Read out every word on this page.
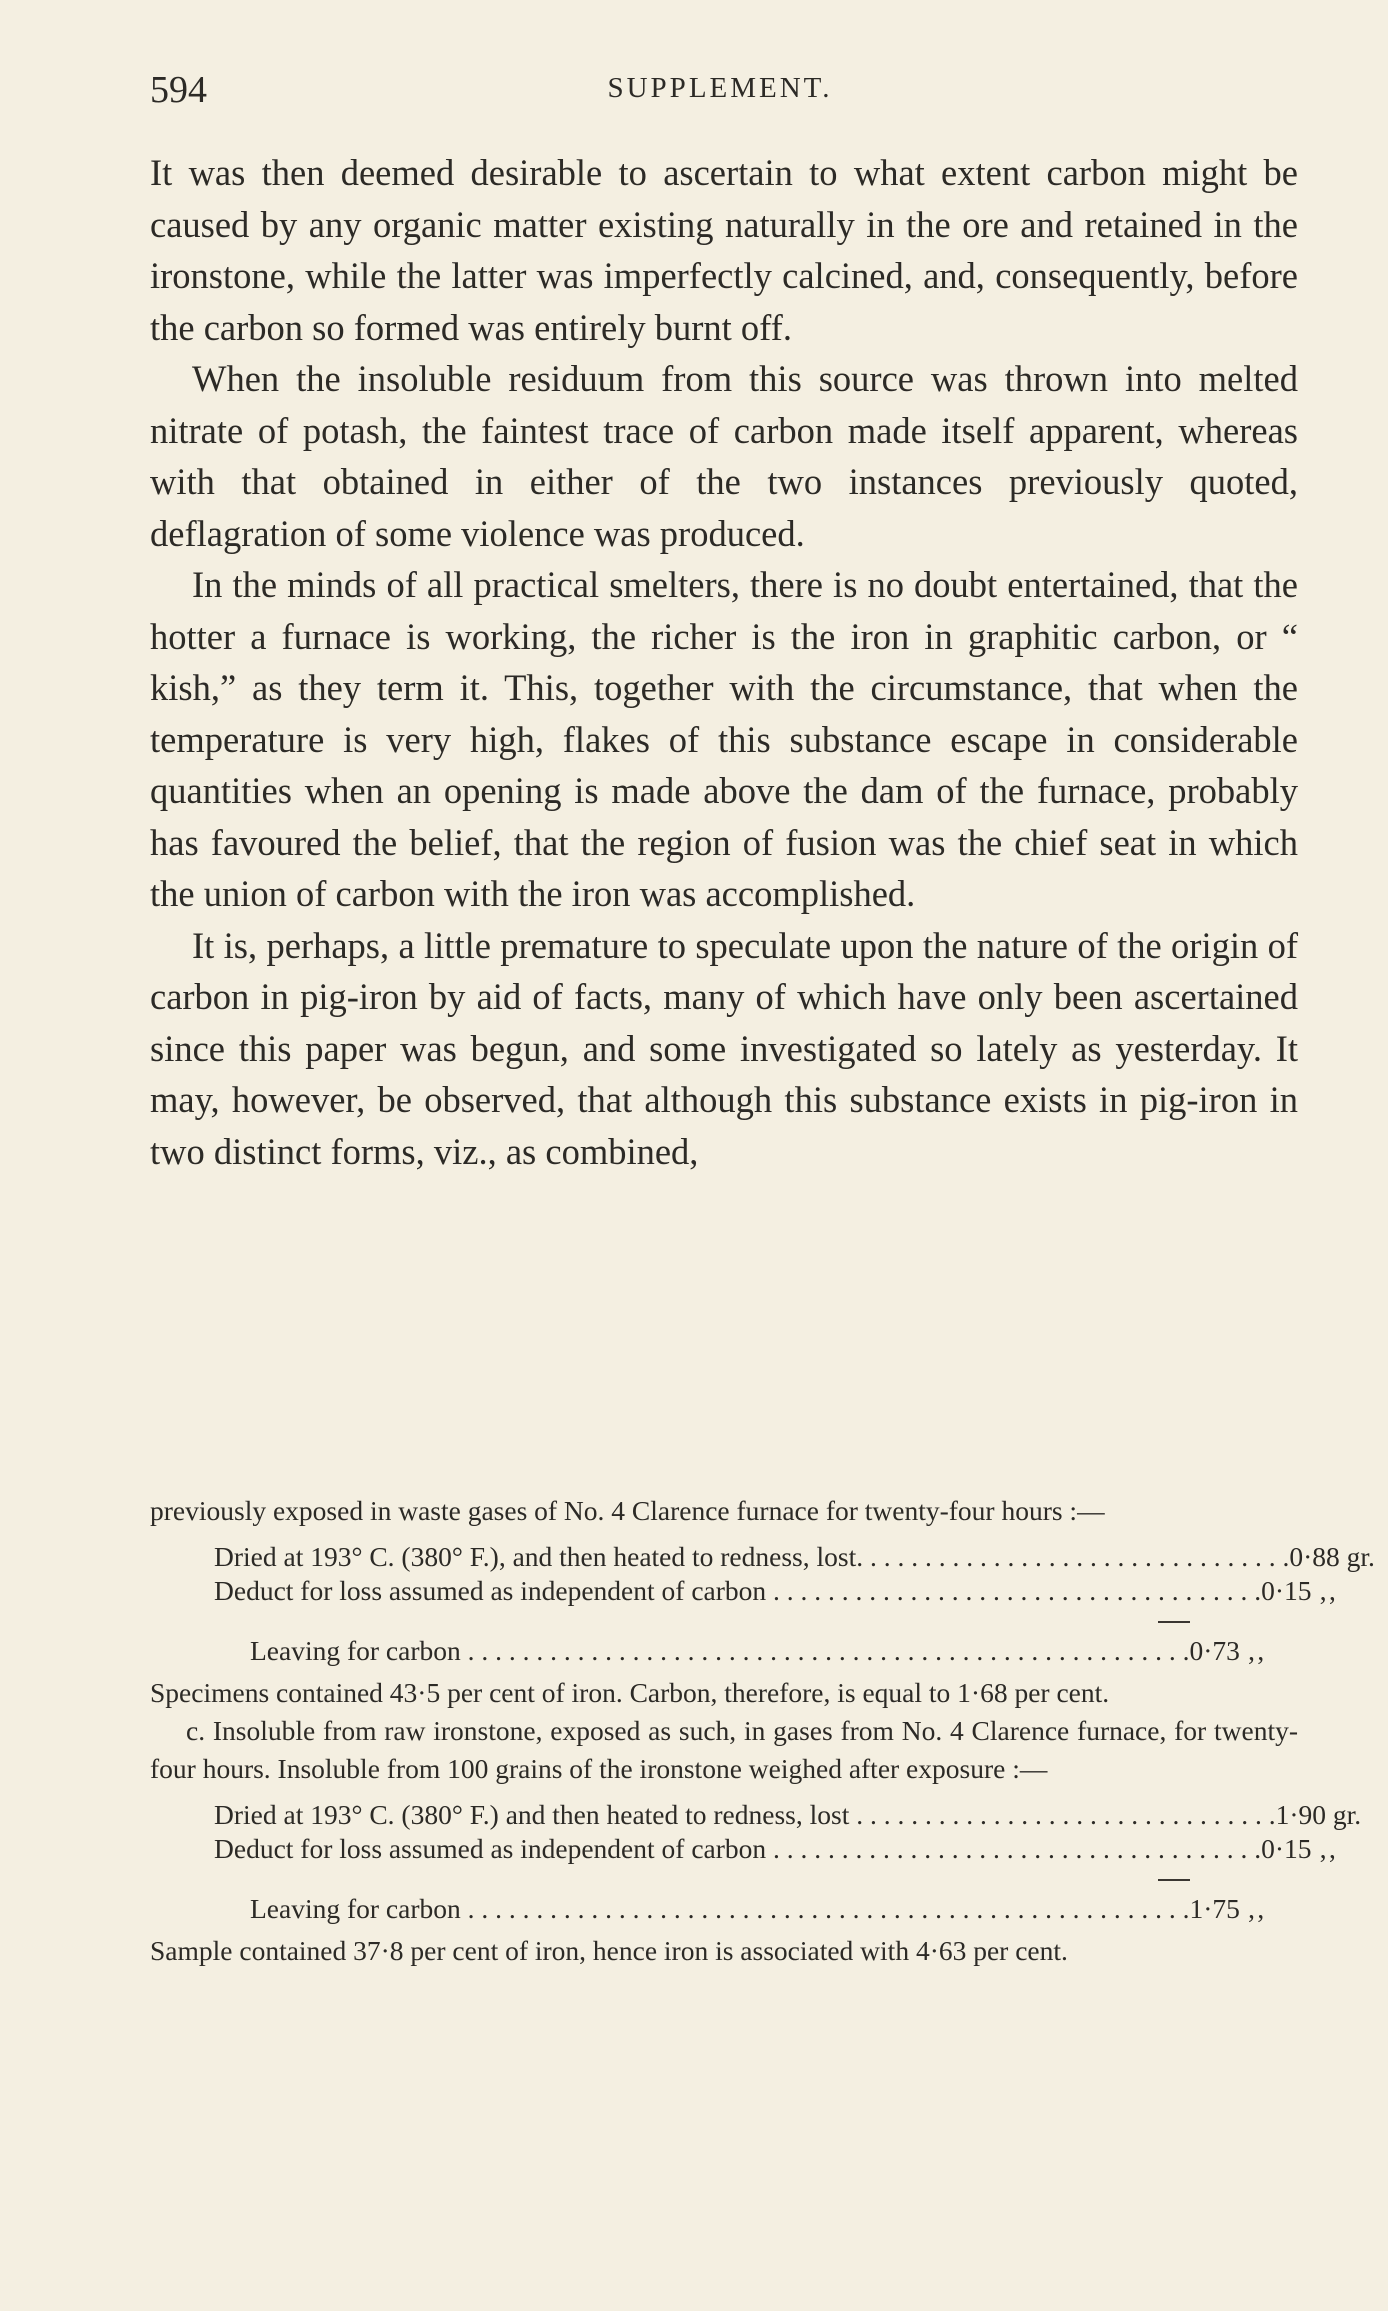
594	SUPPLEMENT.

It was then deemed desirable to ascertain to what extent carbon might be caused by any organic matter existing naturally in the ore and retained in the ironstone, while the latter was imperfectly calcined, and, consequently, before the carbon so formed was entirely burnt off.

When the insoluble residuum from this source was thrown into melted nitrate of potash, the faintest trace of carbon made itself apparent, whereas with that obtained in either of the two instances previously quoted, deflagration of some violence was produced.

In the minds of all practical smelters, there is no doubt entertained, that the hotter a furnace is working, the richer is the iron in graphitic carbon, or “ kish,” as they term it. This, together with the circumstance, that when the temperature is very high, flakes of this substance escape in considerable quantities when an opening is made above the dam of the furnace, probably has favoured the belief, that the region of fusion was the chief seat in which the union of carbon with the iron was accomplished.

It is, perhaps, a little premature to speculate upon the nature of the origin of carbon in pig-iron by aid of facts, many of which have only been ascertained since this paper was begun, and some investigated so lately as yesterday. It may, however, be observed, that although this substance exists in pig-iron in two distinct forms, viz., as combined,

previously exposed in waste gases of No. 4 Clarence furnace for twenty-four hours :—

Dried at 193° C. (380° F.), and then heated to redness, lost. . . . . . . . . . . . . . . . . . . . . . . . . . . . . . . . 0·88 gr.
Deduct for loss assumed as independent of carbon . . . . . . . . . . . . . . . . . . . . . . . . . . . . . . . . . . . . 0·15 ‚‚
Leaving for carbon . . . . . . . . . . . . . . . . . . . . . . . . . . . . . . . . . . . . . . . . . . . . . . . . . . . . . 0·73 ‚‚

Specimens contained 43·5 per cent of iron. Carbon, therefore, is equal to 1·68 per cent.

c. Insoluble from raw ironstone, exposed as such, in gases from No. 4 Clarence furnace, for twenty-four hours. Insoluble from 100 grains of the ironstone weighed after exposure :—

Dried at 193° C. (380° F.) and then heated to redness, lost . . . . . . . . . . . . . . . . . . . . . . . . . . . . . . . 1·90 gr.
Deduct for loss assumed as independent of carbon . . . . . . . . . . . . . . . . . . . . . . . . . . . . . . . . . . . . 0·15 ‚‚
Leaving for carbon . . . . . . . . . . . . . . . . . . . . . . . . . . . . . . . . . . . . . . . . . . . . . . . . . . . . . 1·75 ‚‚

Sample contained 37·8 per cent of iron, hence iron is associated with 4·63 per cent.
